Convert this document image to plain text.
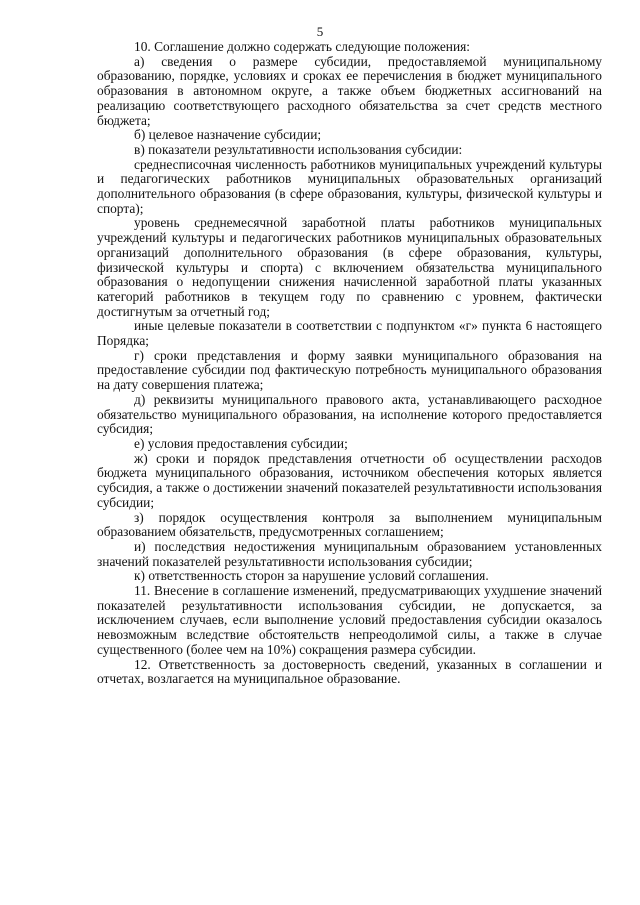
5

10. Соглашение должно содержать следующие положения:

а) сведения о размере субсидии, предоставляемой муниципальному образованию, порядке, условиях и сроках ее перечисления в бюджет муниципального образования в автономном округе, а также объем бюджетных ассигнований на реализацию соответствующего расходного обязательства за счет средств местного бюджета;

б) целевое назначение субсидии;

в) показатели результативности использования субсидии:

среднесписочная численность работников муниципальных учреждений культуры и педагогических работников муниципальных образовательных организаций дополнительного образования (в сфере образования, культуры, физической культуры и спорта);

уровень среднемесячной заработной платы работников муниципальных учреждений культуры и педагогических работников муниципальных образовательных организаций дополнительного образования (в сфере образования, культуры, физической культуры и спорта) с включением обязательства муниципального образования о недопущении снижения начисленной заработной платы указанных категорий работников в текущем году по сравнению с уровнем, фактически достигнутым за отчетный год;

иные целевые показатели в соответствии с подпунктом «г» пункта 6 настоящего Порядка;

г) сроки представления и форму заявки муниципального образования на предоставление субсидии под фактическую потребность муниципального образования на дату совершения платежа;

д) реквизиты муниципального правового акта, устанавливающего расходное обязательство муниципального образования, на исполнение которого предоставляется субсидия;

е) условия предоставления субсидии;

ж) сроки и порядок представления отчетности об осуществлении расходов бюджета муниципального образования, источником обеспечения которых является субсидия, а также о достижении значений показателей результативности использования субсидии;

з) порядок осуществления контроля за выполнением муниципальным образованием обязательств, предусмотренных соглашением;

и) последствия недостижения муниципальным образованием установленных значений показателей результативности использования субсидии;

к) ответственность сторон за нарушение условий соглашения.

11. Внесение в соглашение изменений, предусматривающих ухудшение значений показателей результативности использования субсидии, не допускается, за исключением случаев, если выполнение условий предоставления субсидии оказалось невозможным вследствие обстоятельств непреодолимой силы, а также в случае существенного (более чем на 10%) сокращения размера субсидии.

12. Ответственность за достоверность сведений, указанных в соглашении и отчетах, возлагается на муниципальное образование.
